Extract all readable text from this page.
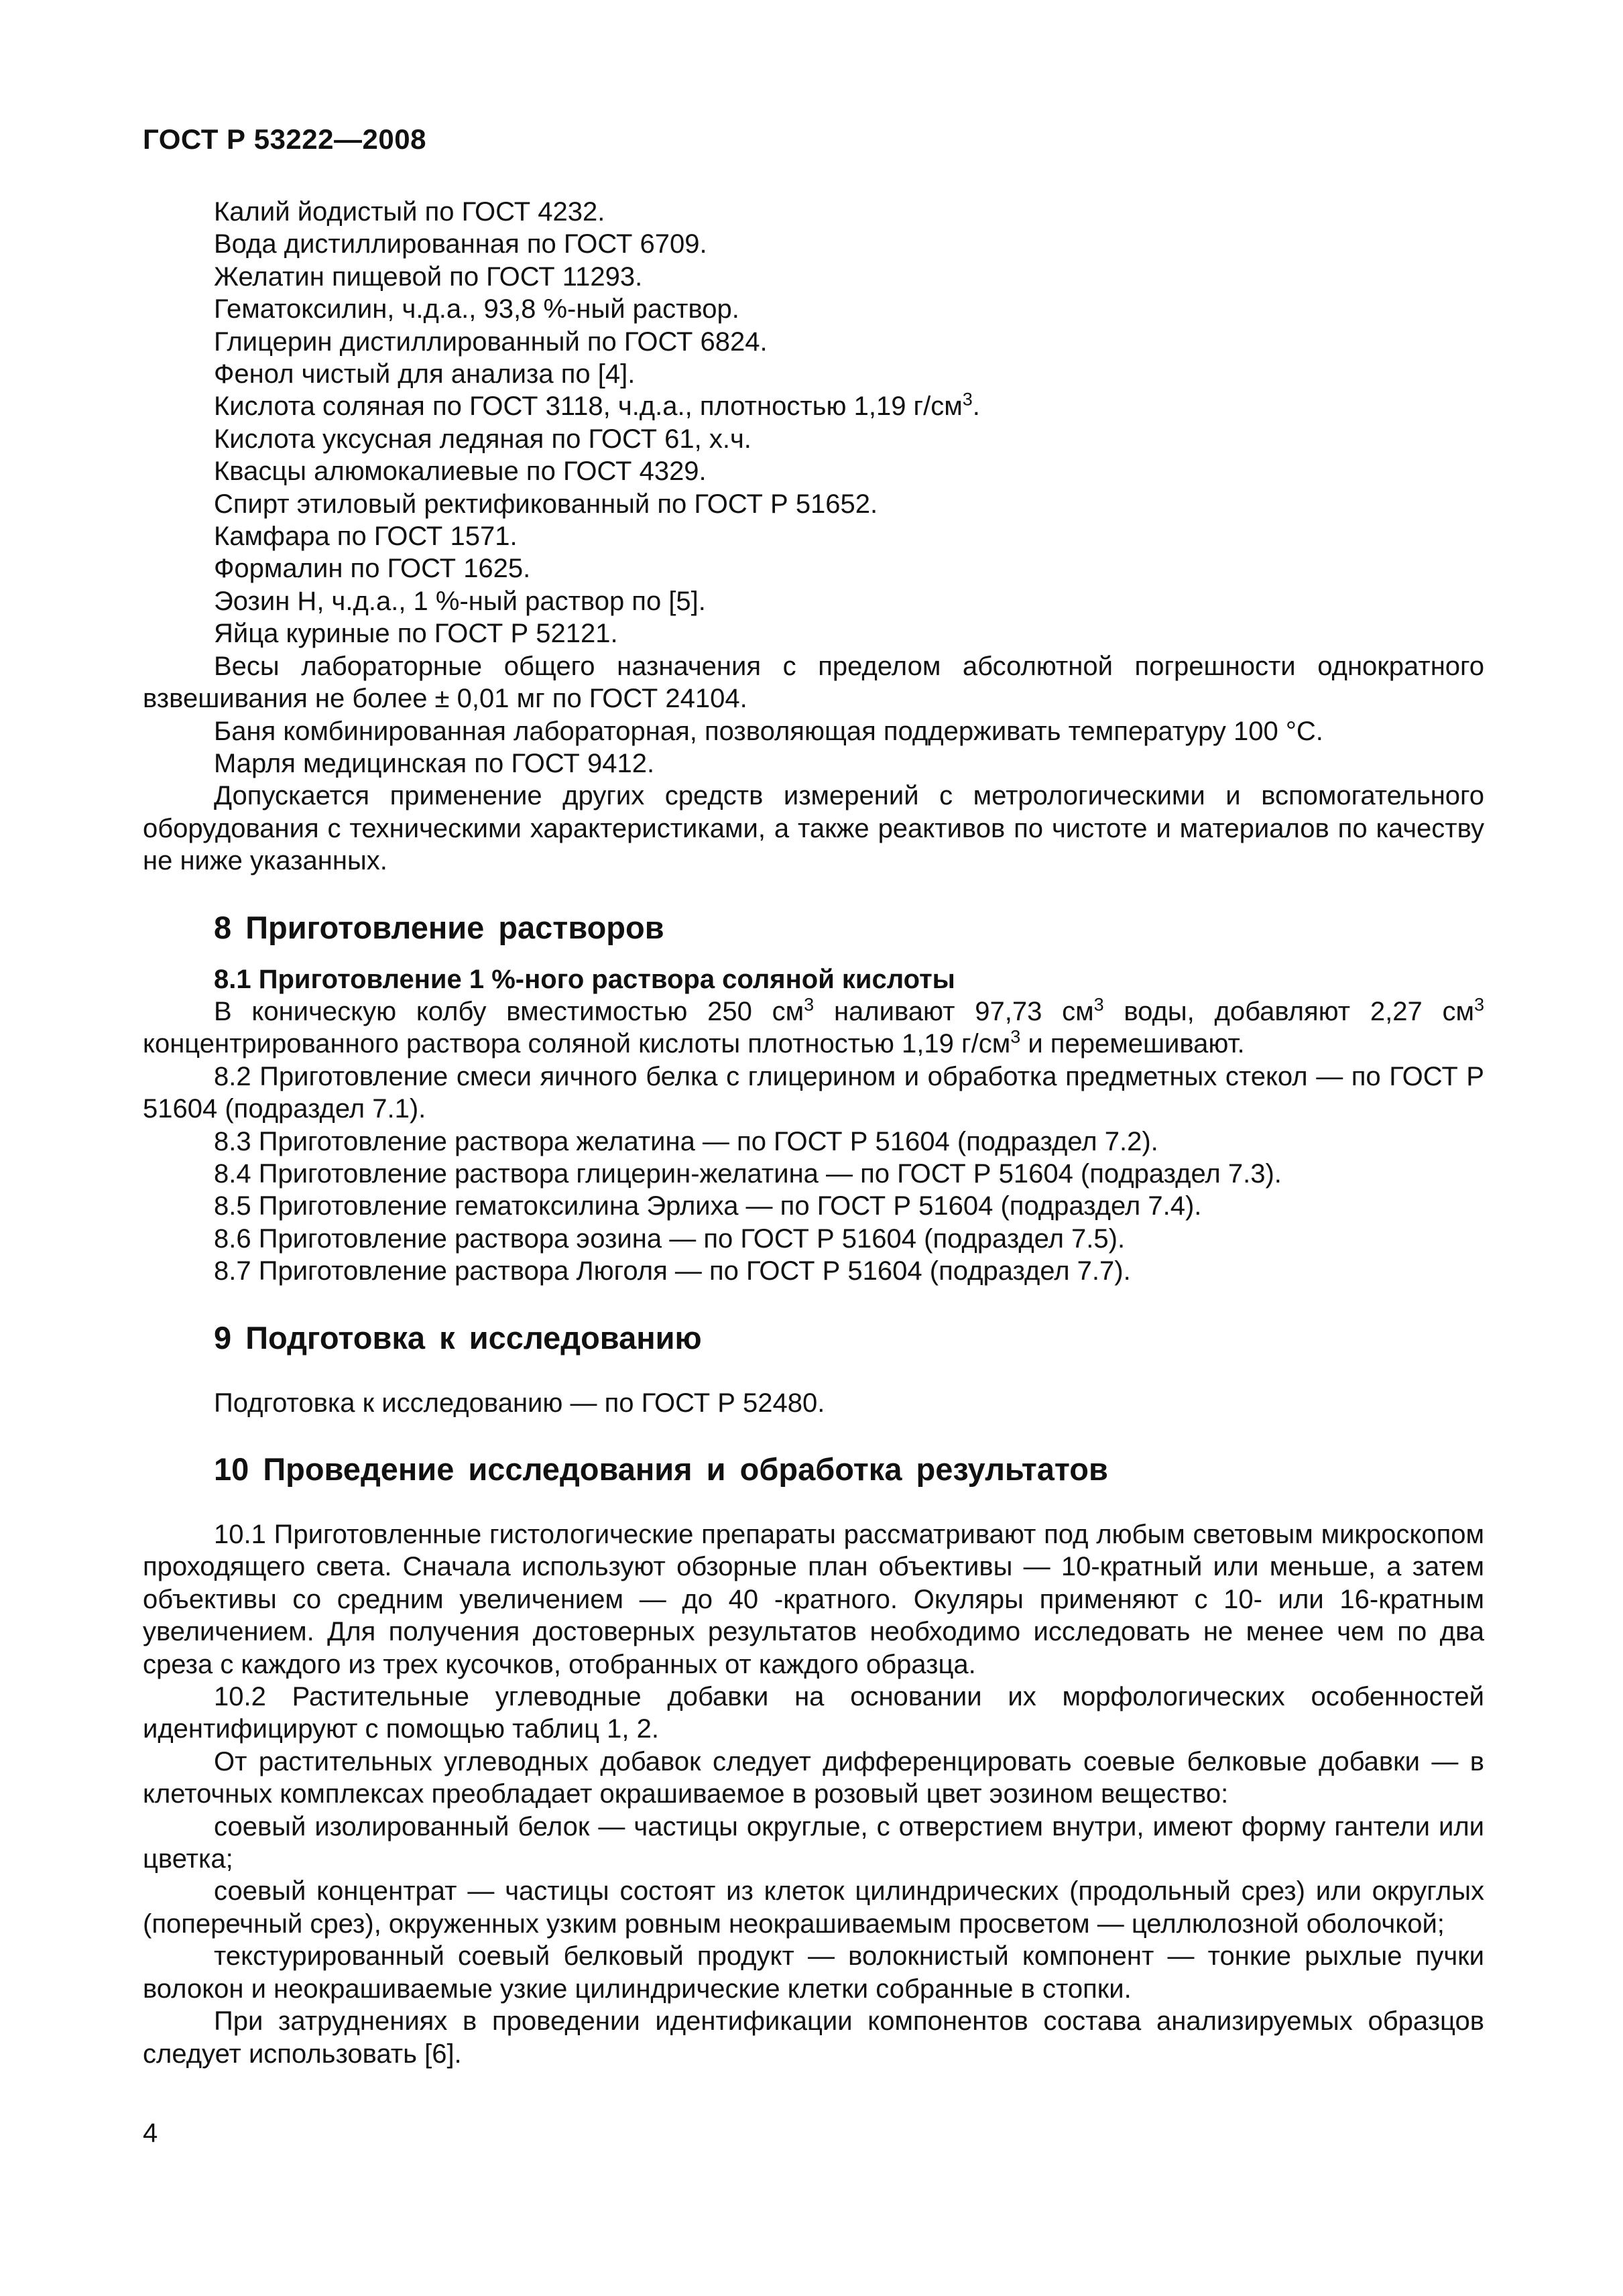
ГОСТ Р 53222—2008

Калий йодистый по ГОСТ 4232.

Вода дистиллированная по ГОСТ 6709.

Желатин пищевой по ГОСТ 11293.

Гематоксилин, ч.д.а., 93,8 %-ный раствор.

Глицерин дистиллированный по ГОСТ 6824.

Фенол чистый для анализа по [4].

Кислота соляная по ГОСТ 3118, ч.д.а., плотностью 1,19 $г/см^3$.

Кислота уксусная ледяная по ГОСТ 61, х.ч.

Квасцы алюмокалиевые по ГОСТ 4329.

Спирт этиловый ректификованный по ГОСТ Р 51652.

Камфара по ГОСТ 1571.

Формалин по ГОСТ 1625.

Эозин Н, ч.д.а., 1 %-ный раствор по [5].

Яйца куриные по ГОСТ Р 52121.

Весы лабораторные общего назначения с пределом абсолютной погрешности однократного взвешивания не более ± 0,01 мг по ГОСТ 24104.

Баня комбинированная лабораторная, позволяющая поддерживать температуру 100 °С.

Марля медицинская по ГОСТ 9412.

Допускается применение других средств измерений с метрологическими и вспомогательного оборудования с техническими характеристиками, а также реактивов по чистоте и материалов по качеству не ниже указанных.

8 Приготовление растворов

8.1 Приготовление 1 %-ного раствора соляной кислоты

В коническую колбу вместимостью 250 $см^3$ наливают 97,73 $см^3$ воды, добавляют 2,27 $см^3$ концентрированного раствора соляной кислоты плотностью 1,19 $г/см^3$ и перемешивают.

8.2 Приготовление смеси яичного белка с глицерином и обработка предметных стекол — по ГОСТ Р 51604 (подраздел 7.1).

8.3 Приготовление раствора желатина — по ГОСТ Р 51604 (подраздел 7.2).

8.4 Приготовление раствора глицерин-желатина — по ГОСТ Р 51604 (подраздел 7.3).

8.5 Приготовление гематоксилина Эрлиха — по ГОСТ Р 51604 (подраздел 7.4).

8.6 Приготовление раствора эозина — по ГОСТ Р 51604 (подраздел 7.5).

8.7 Приготовление раствора Люголя — по ГОСТ Р 51604 (подраздел 7.7).

9 Подготовка к исследованию

Подготовка к исследованию — по ГОСТ Р 52480.

10 Проведение исследования и обработка результатов

10.1 Приготовленные гистологические препараты рассматривают под любым световым микроскопом проходящего света. Сначала используют обзорные план объективы — 10-кратный или меньше, а затем объективы со средним увеличением — до 40 -кратного. Окуляры применяют с 10- или 16-кратным увеличением. Для получения достоверных результатов необходимо исследовать не менее чем по два среза с каждого из трех кусочков, отобранных от каждого образца.

10.2 Растительные углеводные добавки на основании их морфологических особенностей идентифицируют с помощью таблиц 1, 2.

От растительных углеводных добавок следует дифференцировать соевые белковые добавки — в клеточных комплексах преобладает окрашиваемое в розовый цвет эозином вещество:

соевый изолированный белок — частицы округлые, с отверстием внутри, имеют форму гантели или цветка;

соевый концентрат — частицы состоят из клеток цилиндрических (продольный срез) или округлых (поперечный срез), окруженных узким ровным неокрашиваемым просветом — целлюлозной оболочкой;

текстурированный соевый белковый продукт — волокнистый компонент — тонкие рыхлые пучки волокон и неокрашиваемые узкие цилиндрические клетки собранные в стопки.

При затруднениях в проведении идентификации компонентов состава анализируемых образцов следует использовать [6].

4
